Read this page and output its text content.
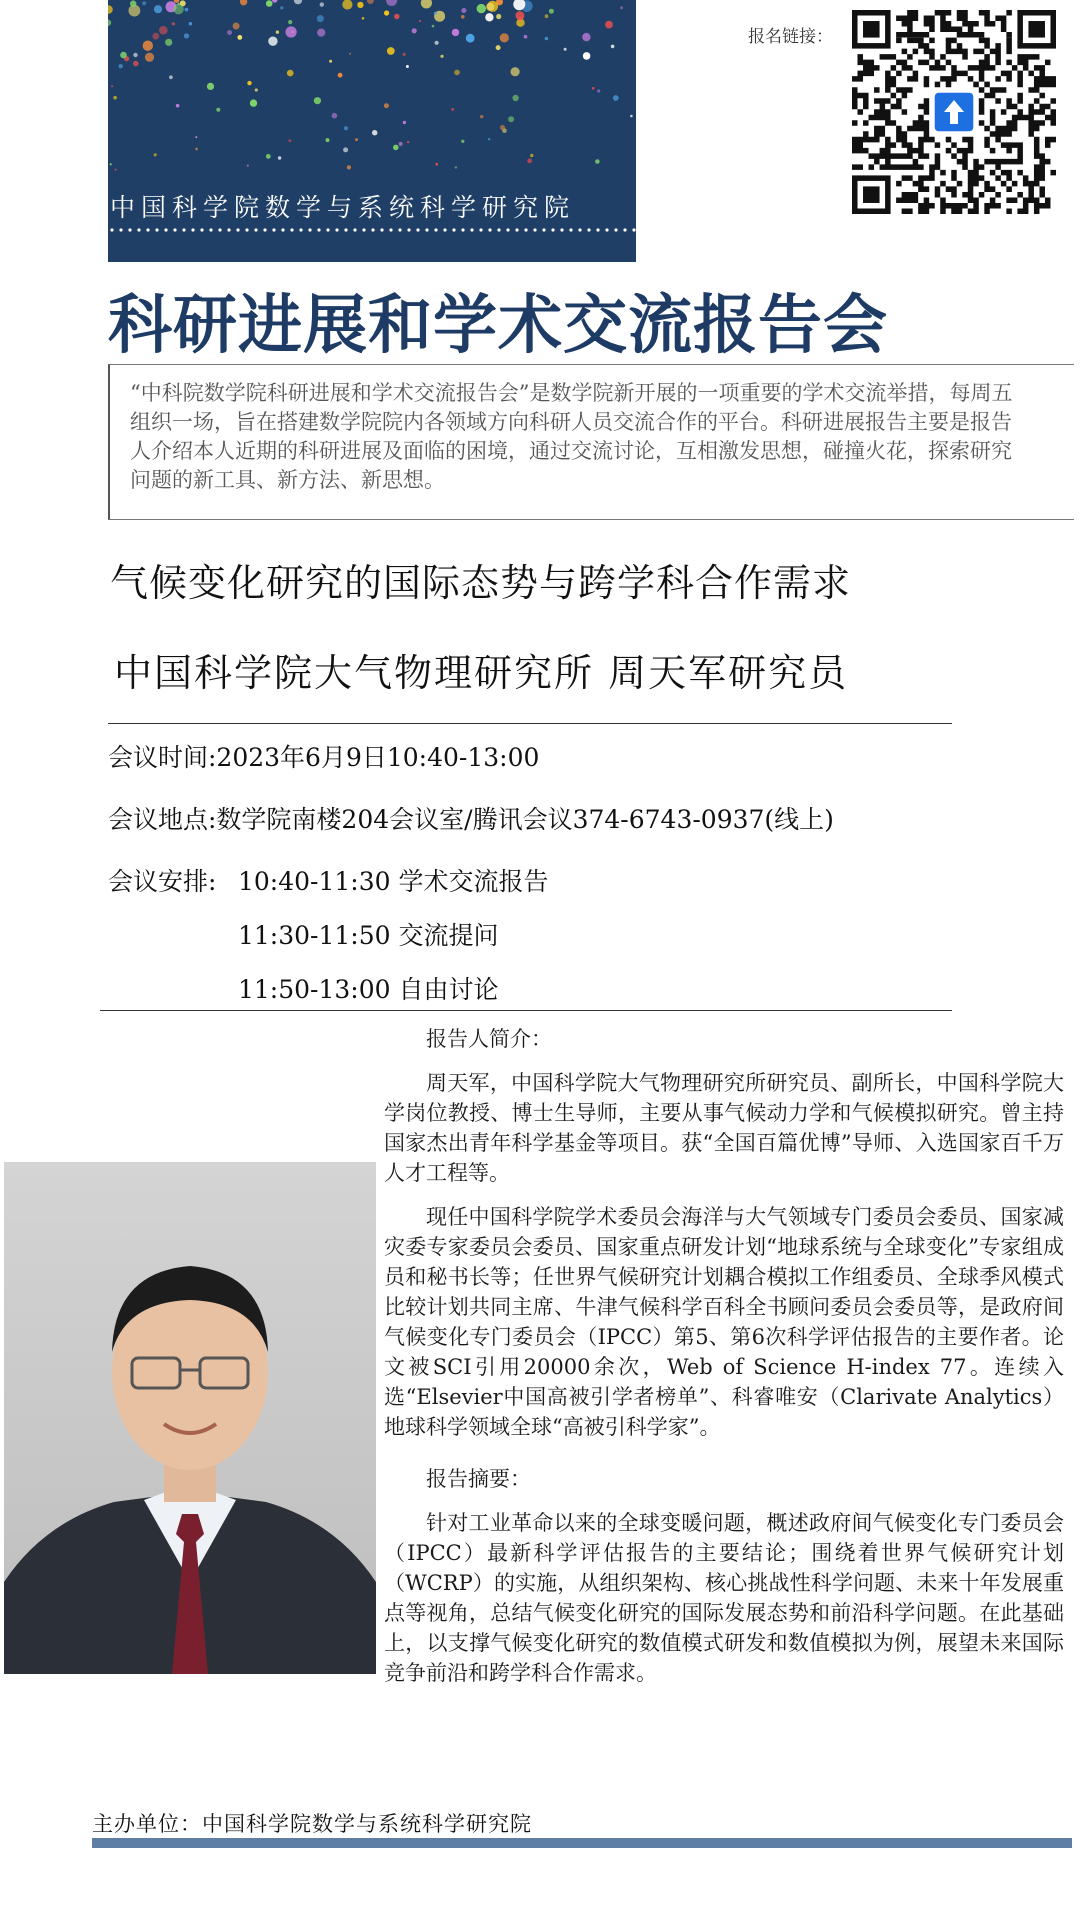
中国科学院数学与系统科学研究院
报名链接：
科研进展和学术交流报告会

“中科院数学院科研进展和学术交流报告会”是数学院新开展的一项重要的学术交流举措，每周五组织一场，旨在搭建数学院院内各领域方向科研人员交流合作的平台。科研进展报告主要是报告人介绍本人近期的科研进展及面临的困境，通过交流讨论，互相激发思想，碰撞火花，探索研究问题的新工具、新方法、新思想。

气候变化研究的国际态势与跨学科合作需求
中国科学院大气物理研究所 周天军研究员
会议时间:2023年6月9日10:40-13:00
会议地点:数学院南楼204会议室/腾讯会议374-6743-0937(线上)
会议安排: 10:40-11:30 学术交流报告
11:30-11:50 交流提问
11:50-13:00 自由讨论

报告人简介：

周天军，中国科学院大气物理研究所研究员、副所长，中国科学院大学岗位教授、博士生导师，主要从事气候动力学和气候模拟研究。曾主持国家杰出青年科学基金等项目。获“全国百篇优博”导师、入选国家百千万人才工程等。

现任中国科学院学术委员会海洋与大气领域专门委员会委员、国家减灾委专家委员会委员、国家重点研发计划“地球系统与全球变化”专家组成员和秘书长等；任世界气候研究计划耦合模拟工作组委员、全球季风模式比较计划共同主席、牛津气候科学百科全书顾问委员会委员等，是政府间气候变化专门委员会（IPCC）第5、第6次科学评估报告的主要作者。论文被SCI引用20000余次，Web of Science H-index 77。连续入选“Elsevier中国高被引学者榜单”、科睿唯安（Clarivate Analytics）地球科学领域全球“高被引科学家”。

报告摘要：

针对工业革命以来的全球变暖问题，概述政府间气候变化专门委员会（IPCC）最新科学评估报告的主要结论；围绕着世界气候研究计划（WCRP）的实施，从组织架构、核心挑战性科学问题、未来十年发展重点等视角，总结气候变化研究的国际发展态势和前沿科学问题。在此基础上，以支撑气候变化研究的数值模式研发和数值模拟为例，展望未来国际竞争前沿和跨学科合作需求。

主办单位：中国科学院数学与系统科学研究院
